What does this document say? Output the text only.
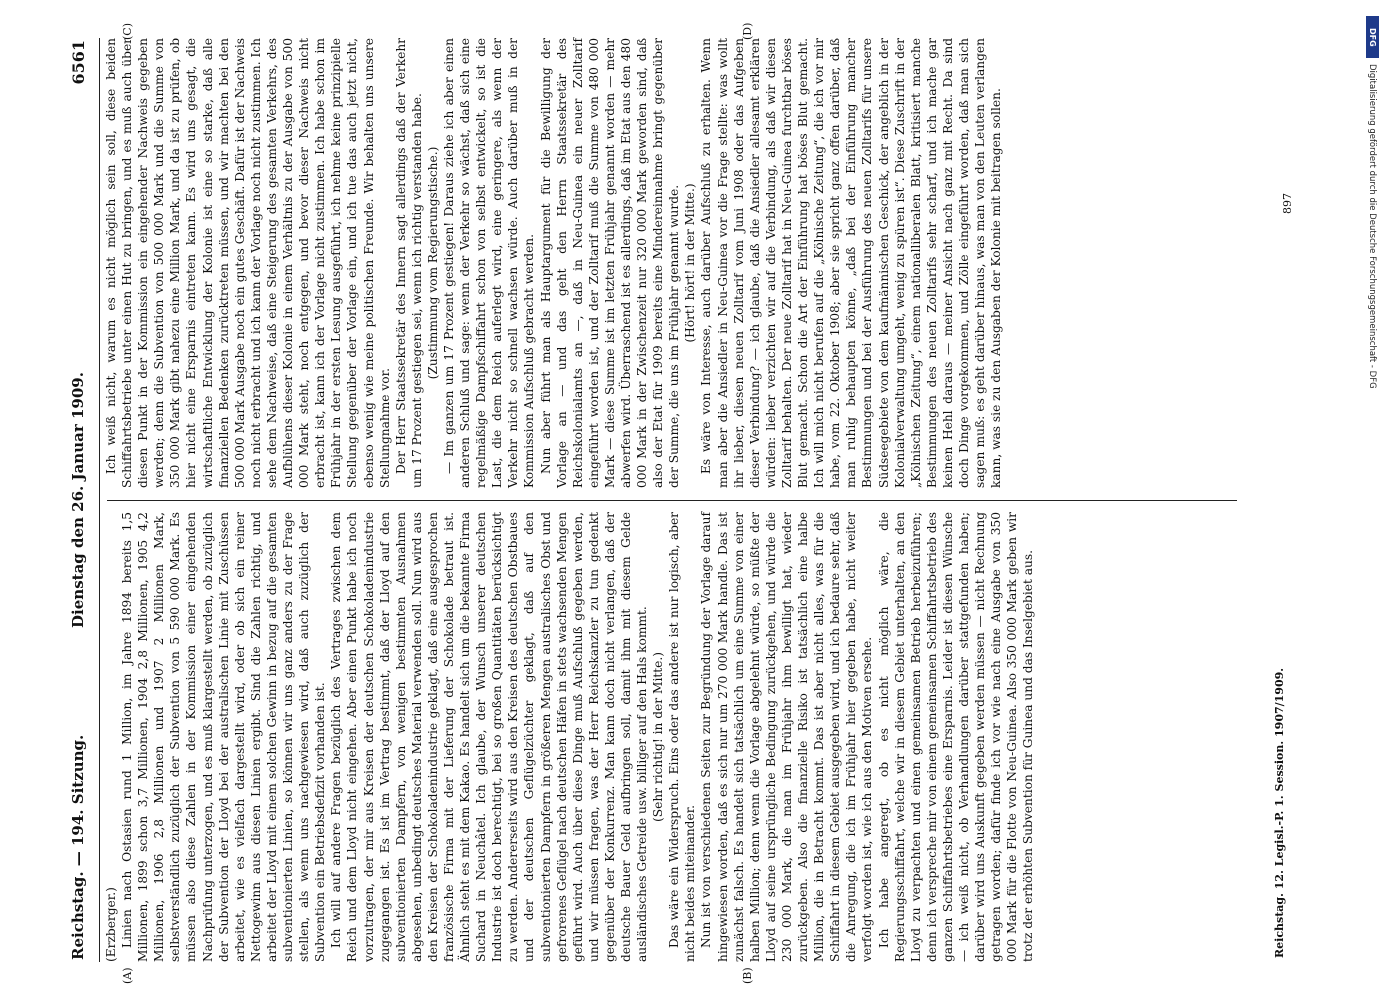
Reichstag. — 194. Sitzung.
Dienstag den 26. Januar 1909.
6561
(A)	(B)
(C)	(D)

(Erzberger.) Linien nach Ostasien rund 1 Million, im Jahre 1894 bereits 1,5 Millionen, 1899 schon 3,7 Millionen, 1904 2,8 Millionen, 1905 4,2 Millionen, 1906 2,8 Millionen und 1907 2 Millionen Mark, selbstverständlich zuzüglich der Subvention von 5 590 000 Mark. Es müssen also diese Zahlen in der Kommission einer eingehenden Nachprüfung unterzogen, und es muß klargestellt werden, ob zuzüglich der Subvention der Lloyd bei der australischen Linie mit Zuschüssen arbeitet, wie es vielfach dargestellt wird, oder ob sich ein reiner Nettogewinn aus diesen Linien ergibt. Sind die Zahlen richtig, und arbeitet der Lloyd mit einem solchen Gewinn in bezug auf die gesamten subventionierten Linien, so können wir uns ganz anders zu der Frage stellen, als wenn uns nachgewiesen wird, daß auch zuzüglich der Subvention ein Betriebsdefizit vorhanden ist. Ich will auf andere Fragen bezüglich des Vertrages zwischen dem Reich und dem Lloyd nicht eingehen. Aber einen Punkt habe ich noch vorzutragen, der mir aus Kreisen der deutschen Schokoladenindustrie zugegangen ist. Es ist im Vertrag bestimmt, daß der Lloyd auf den subventionierten Dampfern, von wenigen bestimmten Ausnahmen abgesehen, unbedingt deutsches Material verwenden soll. Nun wird aus den Kreisen der Schokoladenindustrie geklagt, daß eine ausgesprochen französische Firma mit der Lieferung der Schokolade betraut ist. Ähnlich steht es mit dem Kakao. Es handelt sich um die bekannte Firma Suchard in Neuchâtel. Ich glaube, der Wunsch unserer deutschen Industrie ist doch berechtigt, bei so großen Quantitäten berücksichtigt zu werden. Andererseits wird aus den Kreisen des deutschen Obstbaues und der deutschen Geflügelzüchter geklagt, daß auf den subventionierten Dampfern in größeren Mengen australisches Obst und gefrorenes Geflügel nach deutschen Häfen in stets wachsenden Mengen geführt wird. Auch über diese Dinge muß Aufschluß gegeben werden, und wir müssen fragen, was der Herr Reichskanzler zu tun gedenkt gegenüber der Konkurrenz. Man kann doch nicht verlangen, daß der deutsche Bauer Geld aufbringen soll, damit ihm mit diesem Gelde ausländisches Getreide usw. billiger auf den Hals kommt. (Sehr richtig! in der Mitte.) Das wäre ein Widerspruch. Eins oder das andere ist nur logisch, aber nicht beides miteinander. Nun ist von verschiedenen Seiten zur Begründung der Vorlage darauf hingewiesen worden, daß es sich nur um 270 000 Mark handle. Das ist zunächst falsch. Es handelt sich tatsächlich um eine Summe von einer halben Million; denn wenn die Vorlage abgelehnt würde, so müßte der Lloyd auf seine ursprüngliche Bedingung zurückgehen, und würde die 230 000 Mark, die man im Frühjahr ihm bewilligt hat, wieder zurückgeben. Also die finanzielle Risiko ist tatsächlich eine halbe Million, die in Betracht kommt. Das ist aber nicht alles, was für die Schiffahrt in diesem Gebiet ausgegeben wird, und ich bedaure sehr, daß die Anregung, die ich im Frühjahr hier gegeben habe, nicht weiter verfolgt worden ist, wie ich aus den Motiven ersehe. Ich habe angeregt, ob es nicht möglich wäre, die Regierungsschiffahrt, welche wir in diesem Gebiet unterhalten, an den Lloyd zu verpachten und einen gemeinsamen Betrieb herbeizuführen; denn ich verspreche mir von einem gemeinsamen Schiffahrtsbetrieb des ganzen Schiffahrtsbetriebes eine Ersparnis. Leider ist diesen Wünsche — ich weiß nicht, ob Verhandlungen darüber stattgefunden haben; darüber wird uns Auskunft gegeben werden müssen — nicht Rechnung getragen worden; dafür finde ich vor wie nach eine Ausgabe von 350 000 Mark für die Flotte von Neu-Guinea. Also 350 000 Mark geben wir trotz der erhöhten Subvention für Guinea und das Inselgebiet aus.

Ich weiß nicht, warum es nicht möglich sein soll, diese beiden Schiffahrtsbetriebe unter einen Hut zu bringen, und es muß auch über diesen Punkt in der Kommission ein eingehender Nachweis gegeben werden; denn die Subvention von 500 000 Mark und die Summe von 350 000 Mark gibt nahezu eine Million Mark, und da ist zu prüfen, ob hier nicht eine Ersparnis eintreten kann. Es wird uns gesagt, die wirtschaftliche Entwicklung der Kolonie ist eine so starke, daß alle finanziellen Bedenken zurücktreten müssen, und wir machten bei den 500 000 Mark Ausgabe noch ein gutes Geschäft. Dafür ist der Nachweis noch nicht erbracht und ich kann der Vorlage noch nicht zustimmen. Ich sehe dem Nachweise, daß eine Steigerung des gesamten Verkehrs, des Aufblühens dieser Kolonie in einem Verhältnis zu der Ausgabe von 500 000 Mark steht, noch entgegen, und bevor dieser Nachweis nicht erbracht ist, kann ich der Vorlage nicht zustimmen. Ich habe schon im Frühjahr in der ersten Lesung ausgeführt, ich nehme keine prinzipielle Stellung gegenüber der Vorlage ein, und ich tue das auch jetzt nicht, ebenso wenig wie meine politischen Freunde. Wir behalten uns unsere Stellungnahme vor. Der Herr Staatssekretär des Innern sagt allerdings daß der Verkehr um 17 Prozent gestiegen sei, wenn ich richtig verstanden habe. (Zustimmung vom Regierungstische.) — Im ganzen um 17 Prozent gestiegen! Daraus ziehe ich aber einen anderen Schluß und sage: wenn der Verkehr so wächst, daß sich eine regelmäßige Dampfschiffahrt schon von selbst entwickelt, so ist die Last, die dem Reich auferlegt wird, eine geringere, als wenn der Verkehr nicht so schnell wachsen würde. Auch darüber muß in der Kommission Aufschluß gebracht werden. Nun aber führt man als Hauptargument für die Bewilligung der Vorlage an — und das geht den Herrn Staatssekretär des Reichskolonialamts an —, daß in Neu-Guinea ein neuer Zolltarif eingeführt worden ist, und der Zolltarif muß die Summe von 480 000 Mark — diese Summe ist im letzten Frühjahr genannt worden — mehr abwerfen wird. Überraschend ist es allerdings, daß im Etat aus den 480 000 Mark in der Zwischenzeit nur 320 000 Mark geworden sind, daß also der Etat für 1909 bereits eine Mindereinnahme bringt gegenüber der Summe, die uns im Frühjahr genannt wurde. (Hört! hört! in der Mitte.) Es wäre von Interesse, auch darüber Aufschluß zu erhalten. Wenn man aber die Ansiedler in Neu-Guinea vor die Frage stellte: was wollt ihr lieber, diesen neuen Zolltarif vom Juni 1908 oder das Aufgeben dieser Verbindung? — ich glaube, daß die Ansiedler allesamt erklären würden: lieber verzichten wir auf die Verbindung, als daß wir diesen Zolltarif behalten. Der neue Zolltarif hat in Neu-Guinea furchtbar böses Blut gemacht. Schon die Art der Einführung hat böses Blut gemacht. Ich will mich nicht berufen auf die „Kölnische Zeitung“, die ich vor mir habe, vom 22. Oktober 1908; aber sie spricht ganz offen darüber, daß man ruhig behaupten könne, „daß bei der Einführung mancher Bestimmungen und bei der Ausführung des neuen Zolltarifs für unsere Südseegebiete von dem kaufmännischen Geschick, der angeblich in der Kolonialverwaltung umgeht, wenig zu spüren ist“. Diese Zuschrift in der „Kölnischen Zeitung“, einem nationalliberalen Blatt, kritisiert manche Bestimmungen des neuen Zolltarifs sehr scharf, und ich mache gar keinen Hehl daraus — meiner Ansicht nach ganz mit Recht. Da sind doch Dinge vorgekommen, und Zölle eingeführt worden, daß man sich sagen muß: es geht darüber hinaus, was man von den Leuten verlangen kann, was sie zu den Ausgaben der Kolonie mit beitragen sollen.

Reichstag. 12. Legisl.-P. 1. Session. 1907/1909.
897
DFG
Digitalisierung gefördert durch die Deutsche Forschungsgemeinschaft - DFG
